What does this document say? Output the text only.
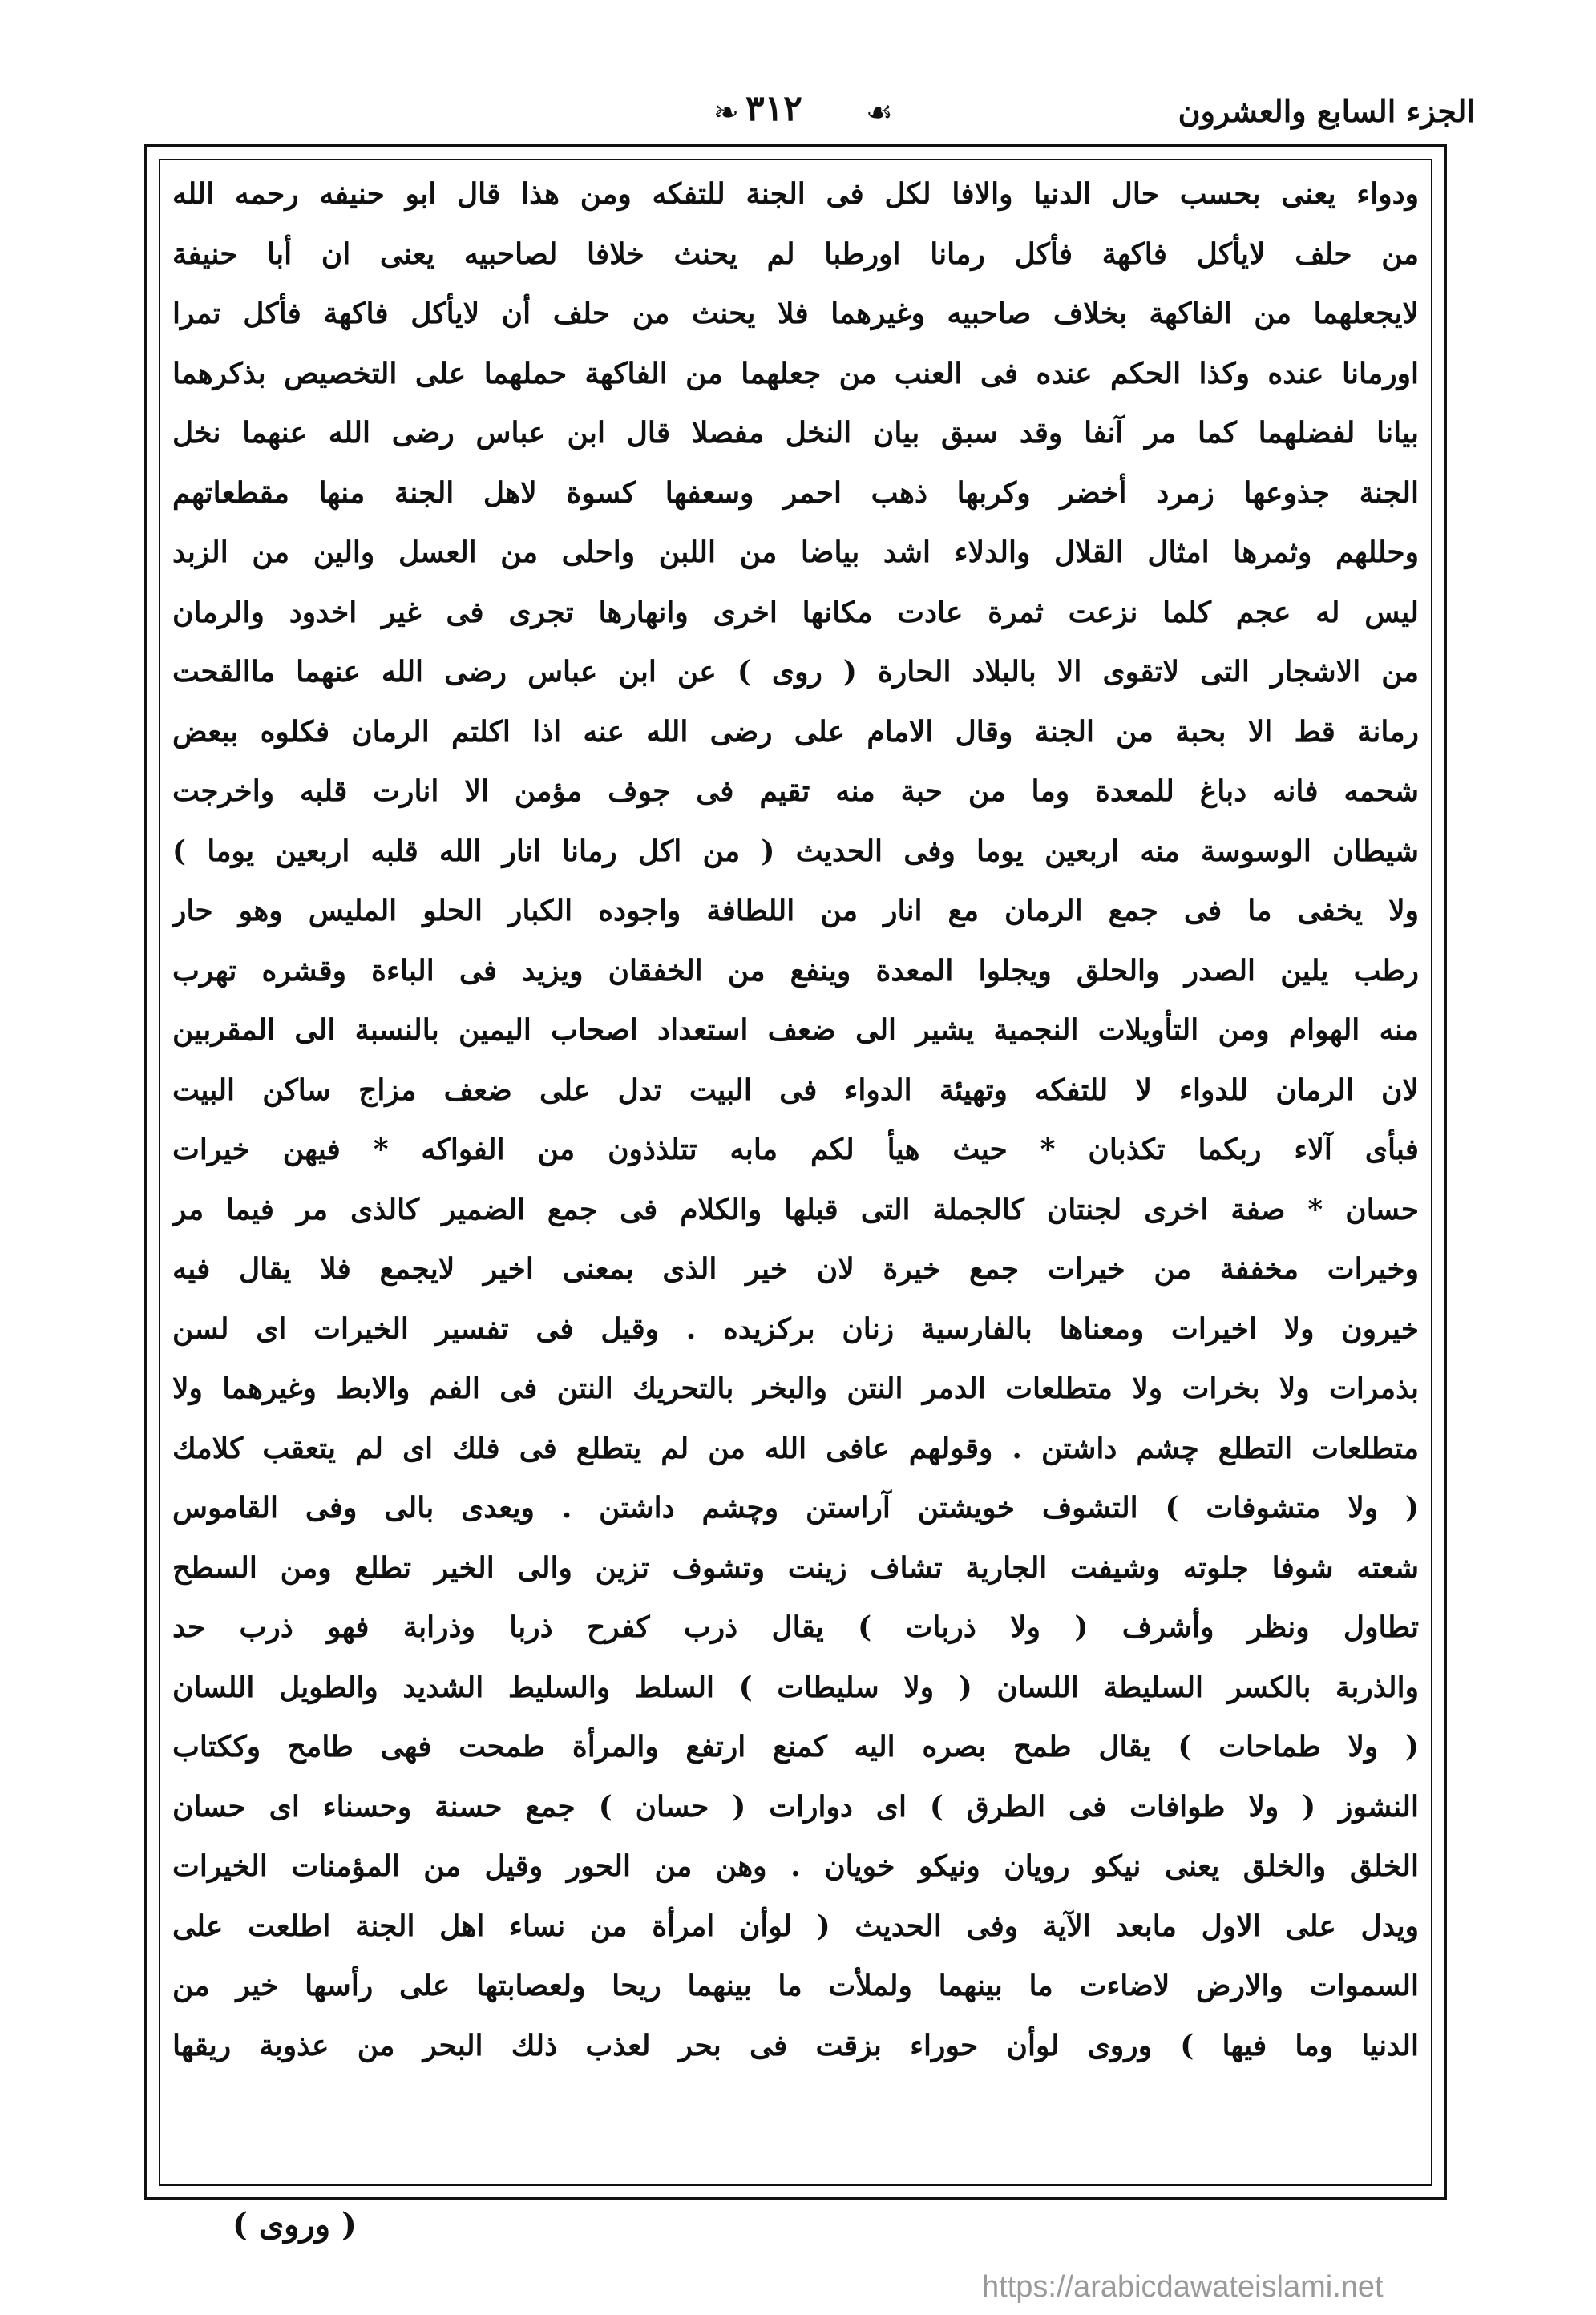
❧ ٣١٢ ☙	الجزء السابع والعشرون
ودواء يعنى بحسب حال الدنيا والافا لكل فى الجنة للتفكه ومن هذا قال ابو حنيفه رحمه الله
من حلف لايأكل فاكهة فأكل رمانا اورطبا لم يحنث خلافا لصاحبيه يعنى ان أبا حنيفة
لايجعلهما من الفاكهة بخلاف صاحبيه وغيرهما فلا يحنث من حلف أن لايأكل فاكهة فأكل تمرا
اورمانا عنده وكذا الحكم عنده فى العنب من جعلهما من الفاكهة حملهما على التخصيص بذكرهما
بيانا لفضلهما كما مر آنفا وقد سبق بيان النخل مفصلا قال ابن عباس رضى الله عنهما نخل
الجنة جذوعها زمرد أخضر وكربها ذهب احمر وسعفها كسوة لاهل الجنة منها مقطعاتهم
وحللهم وثمرها امثال القلال والدلاء اشد بياضا من اللبن واحلى من العسل والين من الزبد
ليس له عجم كلما نزعت ثمرة عادت مكانها اخرى وانهارها تجرى فى غير اخدود والرمان
من الاشجار التى لاتقوى الا بالبلاد الحارة ( روى ) عن ابن عباس رضى الله عنهما ماالقحت
رمانة قط الا بحبة من الجنة وقال الامام على رضى الله عنه اذا اكلتم الرمان فكلوه ببعض
شحمه فانه دباغ للمعدة وما من حبة منه تقيم فى جوف مؤمن الا انارت قلبه واخرجت
شيطان الوسوسة منه اربعين يوما وفى الحديث ( من اكل رمانا انار الله قلبه اربعين يوما )
ولا يخفى ما فى جمع الرمان مع انار من اللطافة واجوده الكبار الحلو المليس وهو حار
رطب يلين الصدر والحلق ويجلوا المعدة وينفع من الخفقان ويزيد فى الباءة وقشره تهرب
منه الهوام ومن التأويلات النجمية يشير الى ضعف استعداد اصحاب اليمين بالنسبة الى المقربين
لان الرمان للدواء لا للتفكه وتهيئة الدواء فى البيت تدل على ضعف مزاج ساكن البيت
فبأى آلاء ربكما تكذبان * حيث هيأ لكم مابه تتلذذون من الفواكه * فيهن خيرات
حسان * صفة اخرى لجنتان كالجملة التى قبلها والكلام فى جمع الضمير كالذى مر فيما مر
وخيرات مخففة من خيرات جمع خيرة لان خير الذى بمعنى اخير لايجمع فلا يقال فيه
خيرون ولا اخيرات ومعناها بالفارسية زنان بركزيده . وقيل فى تفسير الخيرات اى لسن
بذمرات ولا بخرات ولا متطلعات الدمر النتن والبخر بالتحريك النتن فى الفم والابط وغيرهما ولا
متطلعات التطلع چشم داشتن . وقولهم عافى الله من لم يتطلع فى فلك اى لم يتعقب كلامك
( ولا متشوفات ) التشوف خويشتن آراستن وچشم داشتن . ويعدى بالى وفى القاموس
شعته شوفا جلوته وشيفت الجارية تشاف زينت وتشوف تزين والى الخير تطلع ومن السطح
تطاول ونظر وأشرف ( ولا ذربات ) يقال ذرب كفرح ذربا وذرابة فهو ذرب حد
والذربة بالكسر السليطة اللسان ( ولا سليطات ) السلط والسليط الشديد والطويل اللسان
( ولا طماحات ) يقال طمح بصره اليه كمنع ارتفع والمرأة طمحت فهى طامح وككتاب
النشوز ( ولا طوافات فى الطرق ) اى دوارات ( حسان ) جمع حسنة وحسناء اى حسان
الخلق والخلق يعنى نيكو رويان ونيكو خويان . وهن من الحور وقيل من المؤمنات الخيرات
ويدل على الاول مابعد الآية وفى الحديث ( لوأن امرأة من نساء اهل الجنة اطلعت على
السموات والارض لاضاءت ما بينهما ولملأت ما بينهما ريحا ولعصابتها على رأسها خير من
الدنيا وما فيها ) وروى لوأن حوراء بزقت فى بحر لعذب ذلك البحر من عذوبة ريقها
( وروى )
https://arabicdawateislami.net
